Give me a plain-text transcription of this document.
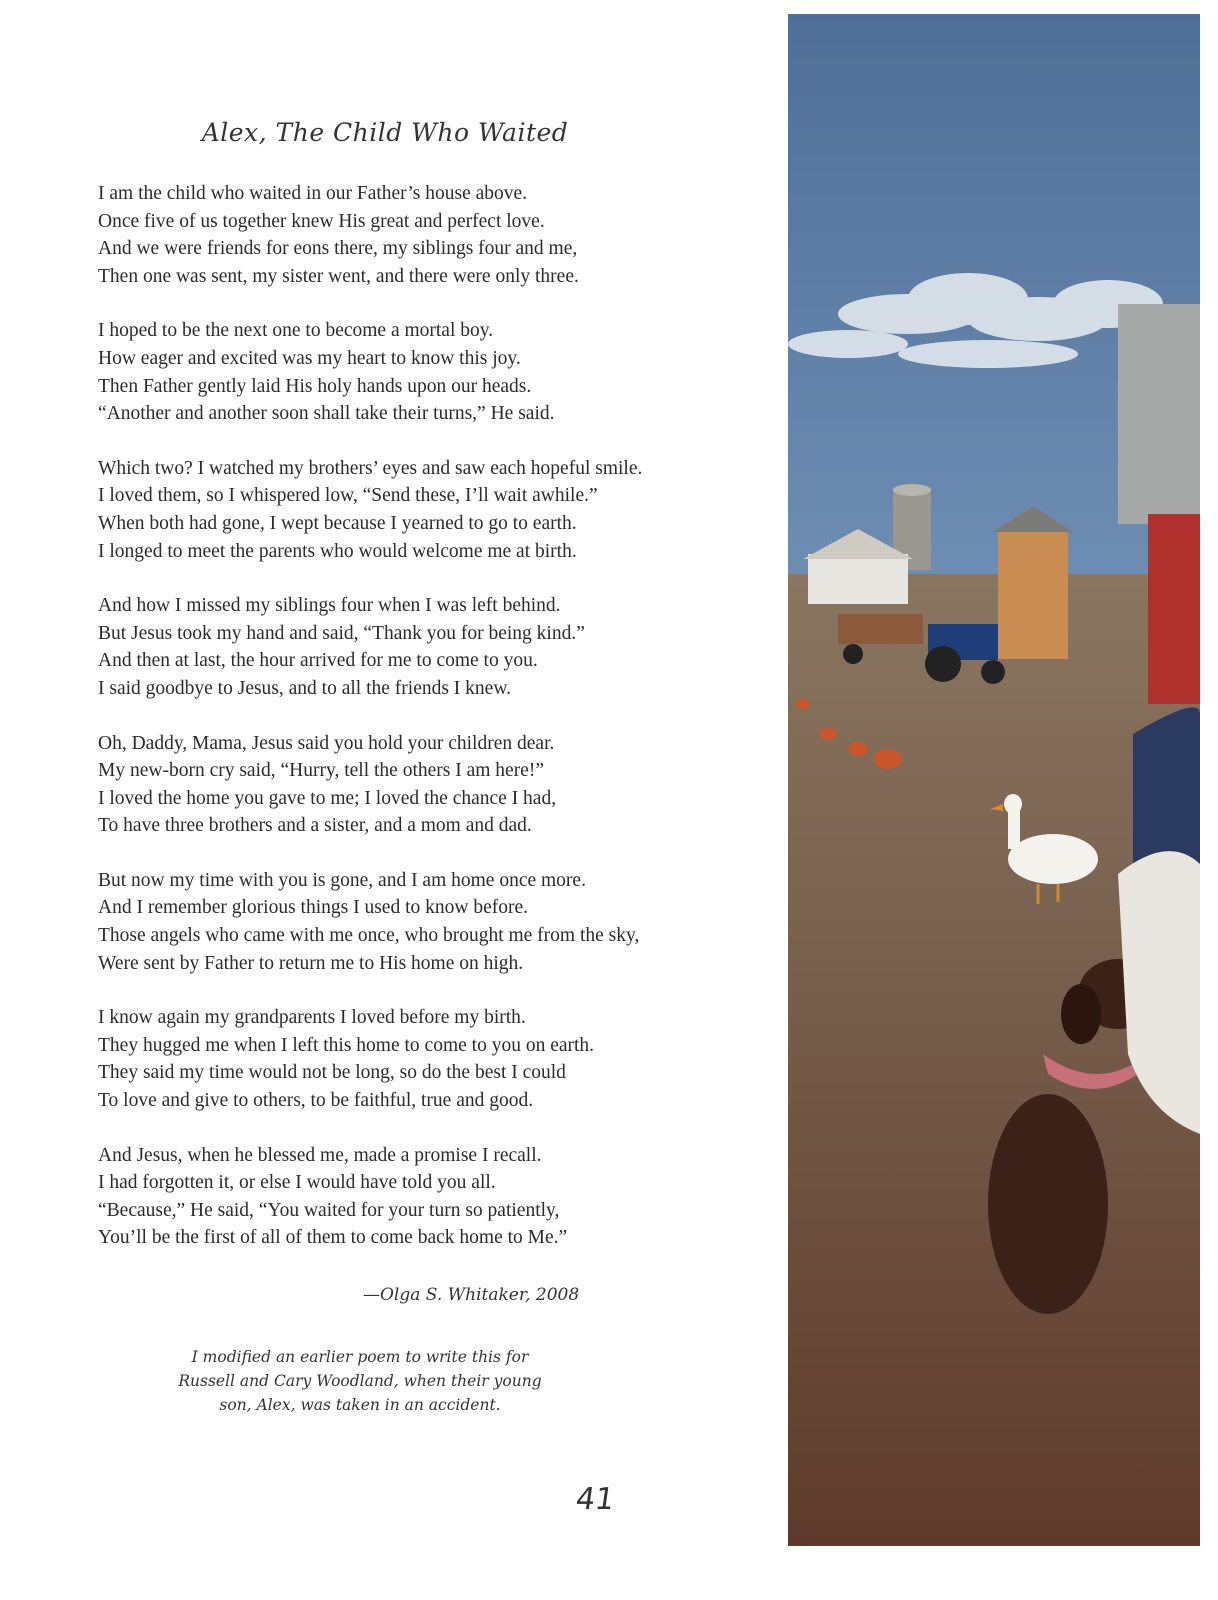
Alex, The Child Who Waited
I am the child who waited in our Father’s house above.
Once five of us together knew His great and perfect love.
And we were friends for eons there, my siblings four and me,
Then one was sent, my sister went, and there were only three.
I hoped to be the next one to become a mortal boy.
How eager and excited was my heart to know this joy.
Then Father gently laid His holy hands upon our heads.
“Another and another soon shall take their turns,” He said.
Which two? I watched my brothers’ eyes and saw each hopeful smile.
I loved them, so I whispered low, “Send these, I’ll wait awhile.”
When both had gone, I wept because I yearned to go to earth.
I longed to meet the parents who would welcome me at birth.
And how I missed my siblings four when I was left behind.
But Jesus took my hand and said, “Thank you for being kind.”
And then at last, the hour arrived for me to come to you.
I said goodbye to Jesus, and to all the friends I knew.
Oh, Daddy, Mama, Jesus said you hold your children dear.
My new-born cry said, “Hurry, tell the others I am here!”
I loved the home you gave to me; I loved the chance I had,
To have three brothers and a sister, and a mom and dad.
But now my time with you is gone, and I am home once more.
And I remember glorious things I used to know before.
Those angels who came with me once, who brought me from the sky,
Were sent by Father to return me to His home on high.
I know again my grandparents I loved before my birth.
They hugged me when I left this home to come to you on earth.
They said my time would not be long, so do the best I could
To love and give to others, to be faithful, true and good.
And Jesus, when he blessed me, made a promise I recall.
I had forgotten it, or else I would have told you all.
“Because,” He said, “You waited for your turn so patiently,
You’ll be the first of all of them to come back home to Me.”
—Olga S. Whitaker, 2008
I modified an earlier poem to write this for
Russell and Cary Woodland, when their young
son, Alex, was taken in an accident.
41
